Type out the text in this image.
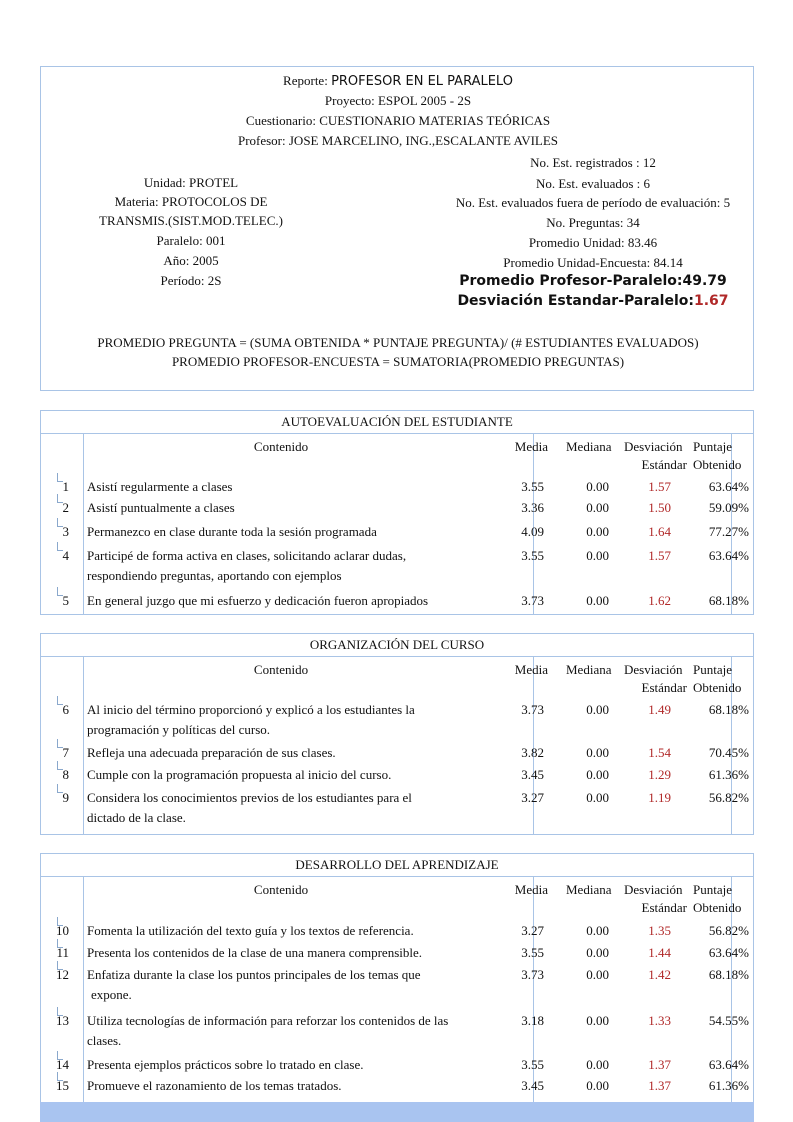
Reporte: PROFESOR EN EL PARALELO
Proyecto: ESPOL 2005 - 2S
Cuestionario: CUESTIONARIO MATERIAS TEÓRICAS
Profesor: JOSE MARCELINO, ING.,ESCALANTE AVILES
Unidad: PROTEL
Materia: PROTOCOLOS DE
TRANSMIS.(SIST.MOD.TELEC.)
Paralelo: 001
Año: 2005
Período: 2S
No. Est. registrados : 12
No. Est. evaluados : 6
No. Est. evaluados fuera de período de evaluación: 5
No. Preguntas: 34
Promedio Unidad: 83.46
Promedio Unidad-Encuesta: 84.14
Promedio Profesor-Paralelo:49.79
Desviación Estandar-Paralelo:1.67
PROMEDIO PREGUNTA = (SUMA OBTENIDA * PUNTAJE PREGUNTA)/ (# ESTUDIANTES EVALUADOS)
PROMEDIO PROFESOR-ENCUESTA = SUMATORIA(PROMEDIO PREGUNTAS)
AUTOEVALUACIÓN DEL ESTUDIANTE
Contenido	Media Mediana Desviación
Estándar
Puntaje
Obtenido
1 Asistí regularmente a clases	3.55	0.00	1.57	63.64%
2 Asistí puntualmente a clases	3.36	0.00	1.50	59.09%
3 Permanezco en clase durante toda la sesión programada	4.09	0.00	1.64	77.27%
4 Participé de forma activa en clases, solicitando aclarar dudas,
respondiendo preguntas, aportando con ejemplos
3.55	0.00	1.57	63.64%
5 En general juzgo que mi esfuerzo y dedicación fueron apropiados	3.73	0.00	1.62	68.18%
ORGANIZACIÓN DEL CURSO
Contenido	Media Mediana Desviación
Estándar
Puntaje
Obtenido
6 Al inicio del término proporcionó y explicó a los estudiantes la
programación y políticas del curso.
3.73	0.00	1.49	68.18%
7 Refleja una adecuada preparación de sus clases.	3.82	0.00	1.54	70.45%
8 Cumple con la programación propuesta al inicio del curso.	3.45	0.00	1.29	61.36%
9 Considera los conocimientos previos de los estudiantes para el
dictado de la clase.
3.27	0.00	1.19	56.82%
DESARROLLO DEL APRENDIZAJE
Contenido	Media Mediana Desviación
Estándar
Puntaje
Obtenido
10 Fomenta la utilización del texto guía y los textos de referencia.	3.27	0.00	1.35	56.82%
11 Presenta los contenidos de la clase de una manera comprensible.	3.55	0.00	1.44	63.64%
12 Enfatiza durante la clase los puntos principales de los temas que
expone.
3.73	0.00	1.42	68.18%
13 Utiliza tecnologías de información para reforzar los contenidos de las
clases.
3.18	0.00	1.33	54.55%
14 Presenta ejemplos prácticos sobre lo tratado en clase.	3.55	0.00	1.37	63.64%
15 Promueve el razonamiento de los temas tratados.	3.45	0.00	1.37	61.36%
